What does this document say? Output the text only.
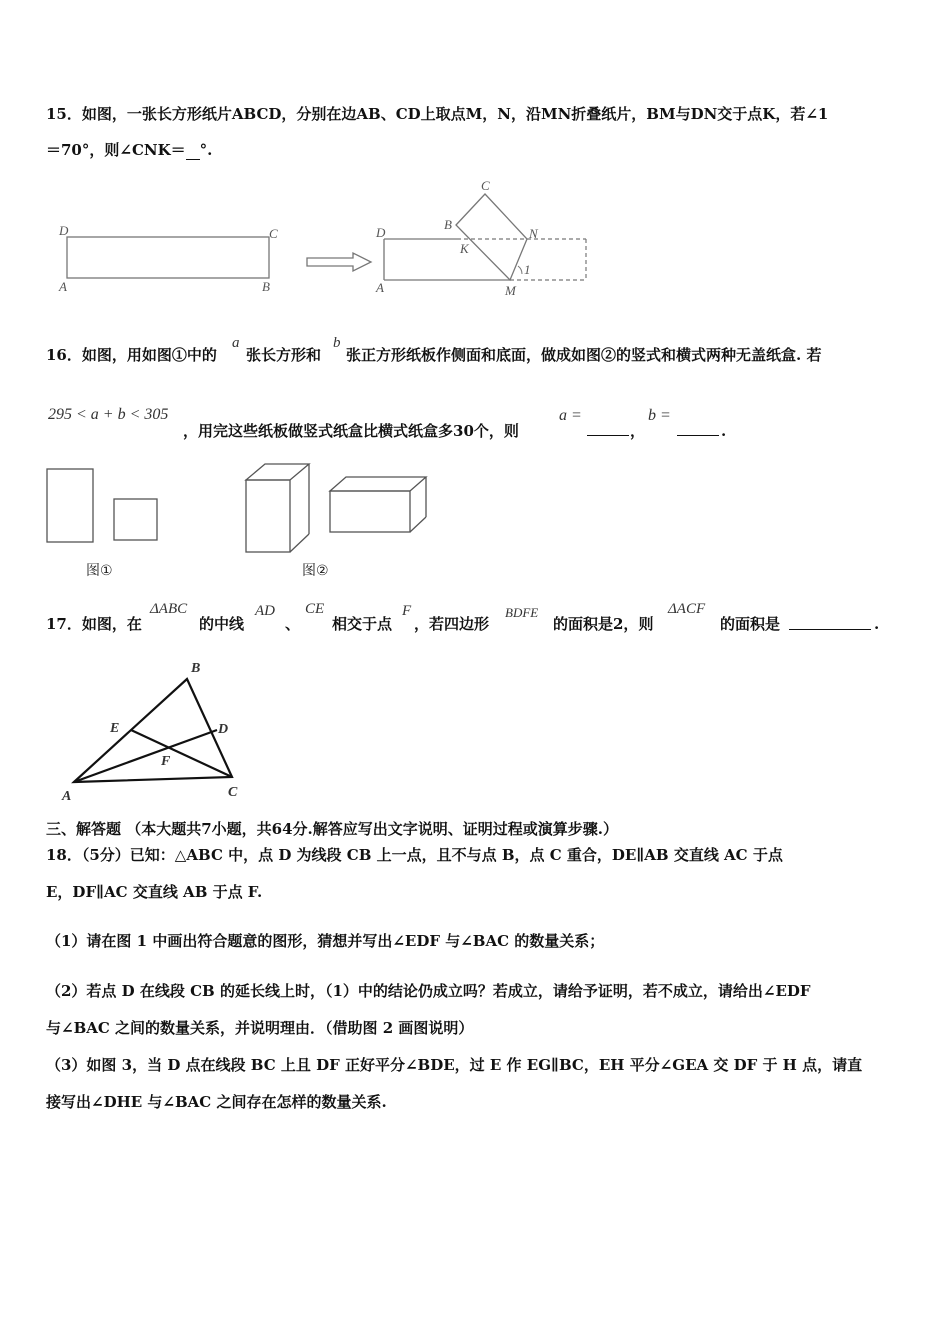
15．如图，一张长方形纸片ABCD，分别在边AB、CD上取点M，N，沿MN折叠纸片，BM与DN交于点K，若∠1
＝70°，则∠CNK＝ °.
D	C
A	B
C
B
D	N
K
A	M
1
16．如图，用如图①中的
a
张长方形和
b
张正方形纸板作侧面和底面，做成如图②的竖式和横式两种无盖纸盒. 若
295 < a + b < 305
，用完这些纸板做竖式纸盒比横式纸盒多30个，则
a =
，
b =
.
图①	图②
17．如图，在
ΔABC
的中线
AD
、
CE
相交于点
F
，若四边形
BDFE
的面积是2，则
ΔACF
的面积是	.
B
E	D
F
A	C
三、解答题 （本大题共7小题，共64分.解答应写出文字说明、证明过程或演算步骤.）
18．（5分）已知：△ABC 中，点 D 为线段 CB 上一点，且不与点 B，点 C 重合，DE∥AB 交直线 AC 于点
E，DF∥AC 交直线 AB 于点 F.
（1）请在图 1 中画出符合题意的图形，猜想并写出∠EDF 与∠BAC 的数量关系；
（2）若点 D 在线段 CB 的延长线上时，（1）中的结论仍成立吗？若成立，请给予证明，若不成立，请给出∠EDF
与∠BAC 之间的数量关系，并说明理由．（借助图 2 画图说明）
（3）如图 3，当 D 点在线段 BC 上且 DF 正好平分∠BDE，过 E 作 EG∥BC，EH 平分∠GEA 交 DF 于 H 点，请直
接写出∠DHE 与∠BAC 之间存在怎样的数量关系.
